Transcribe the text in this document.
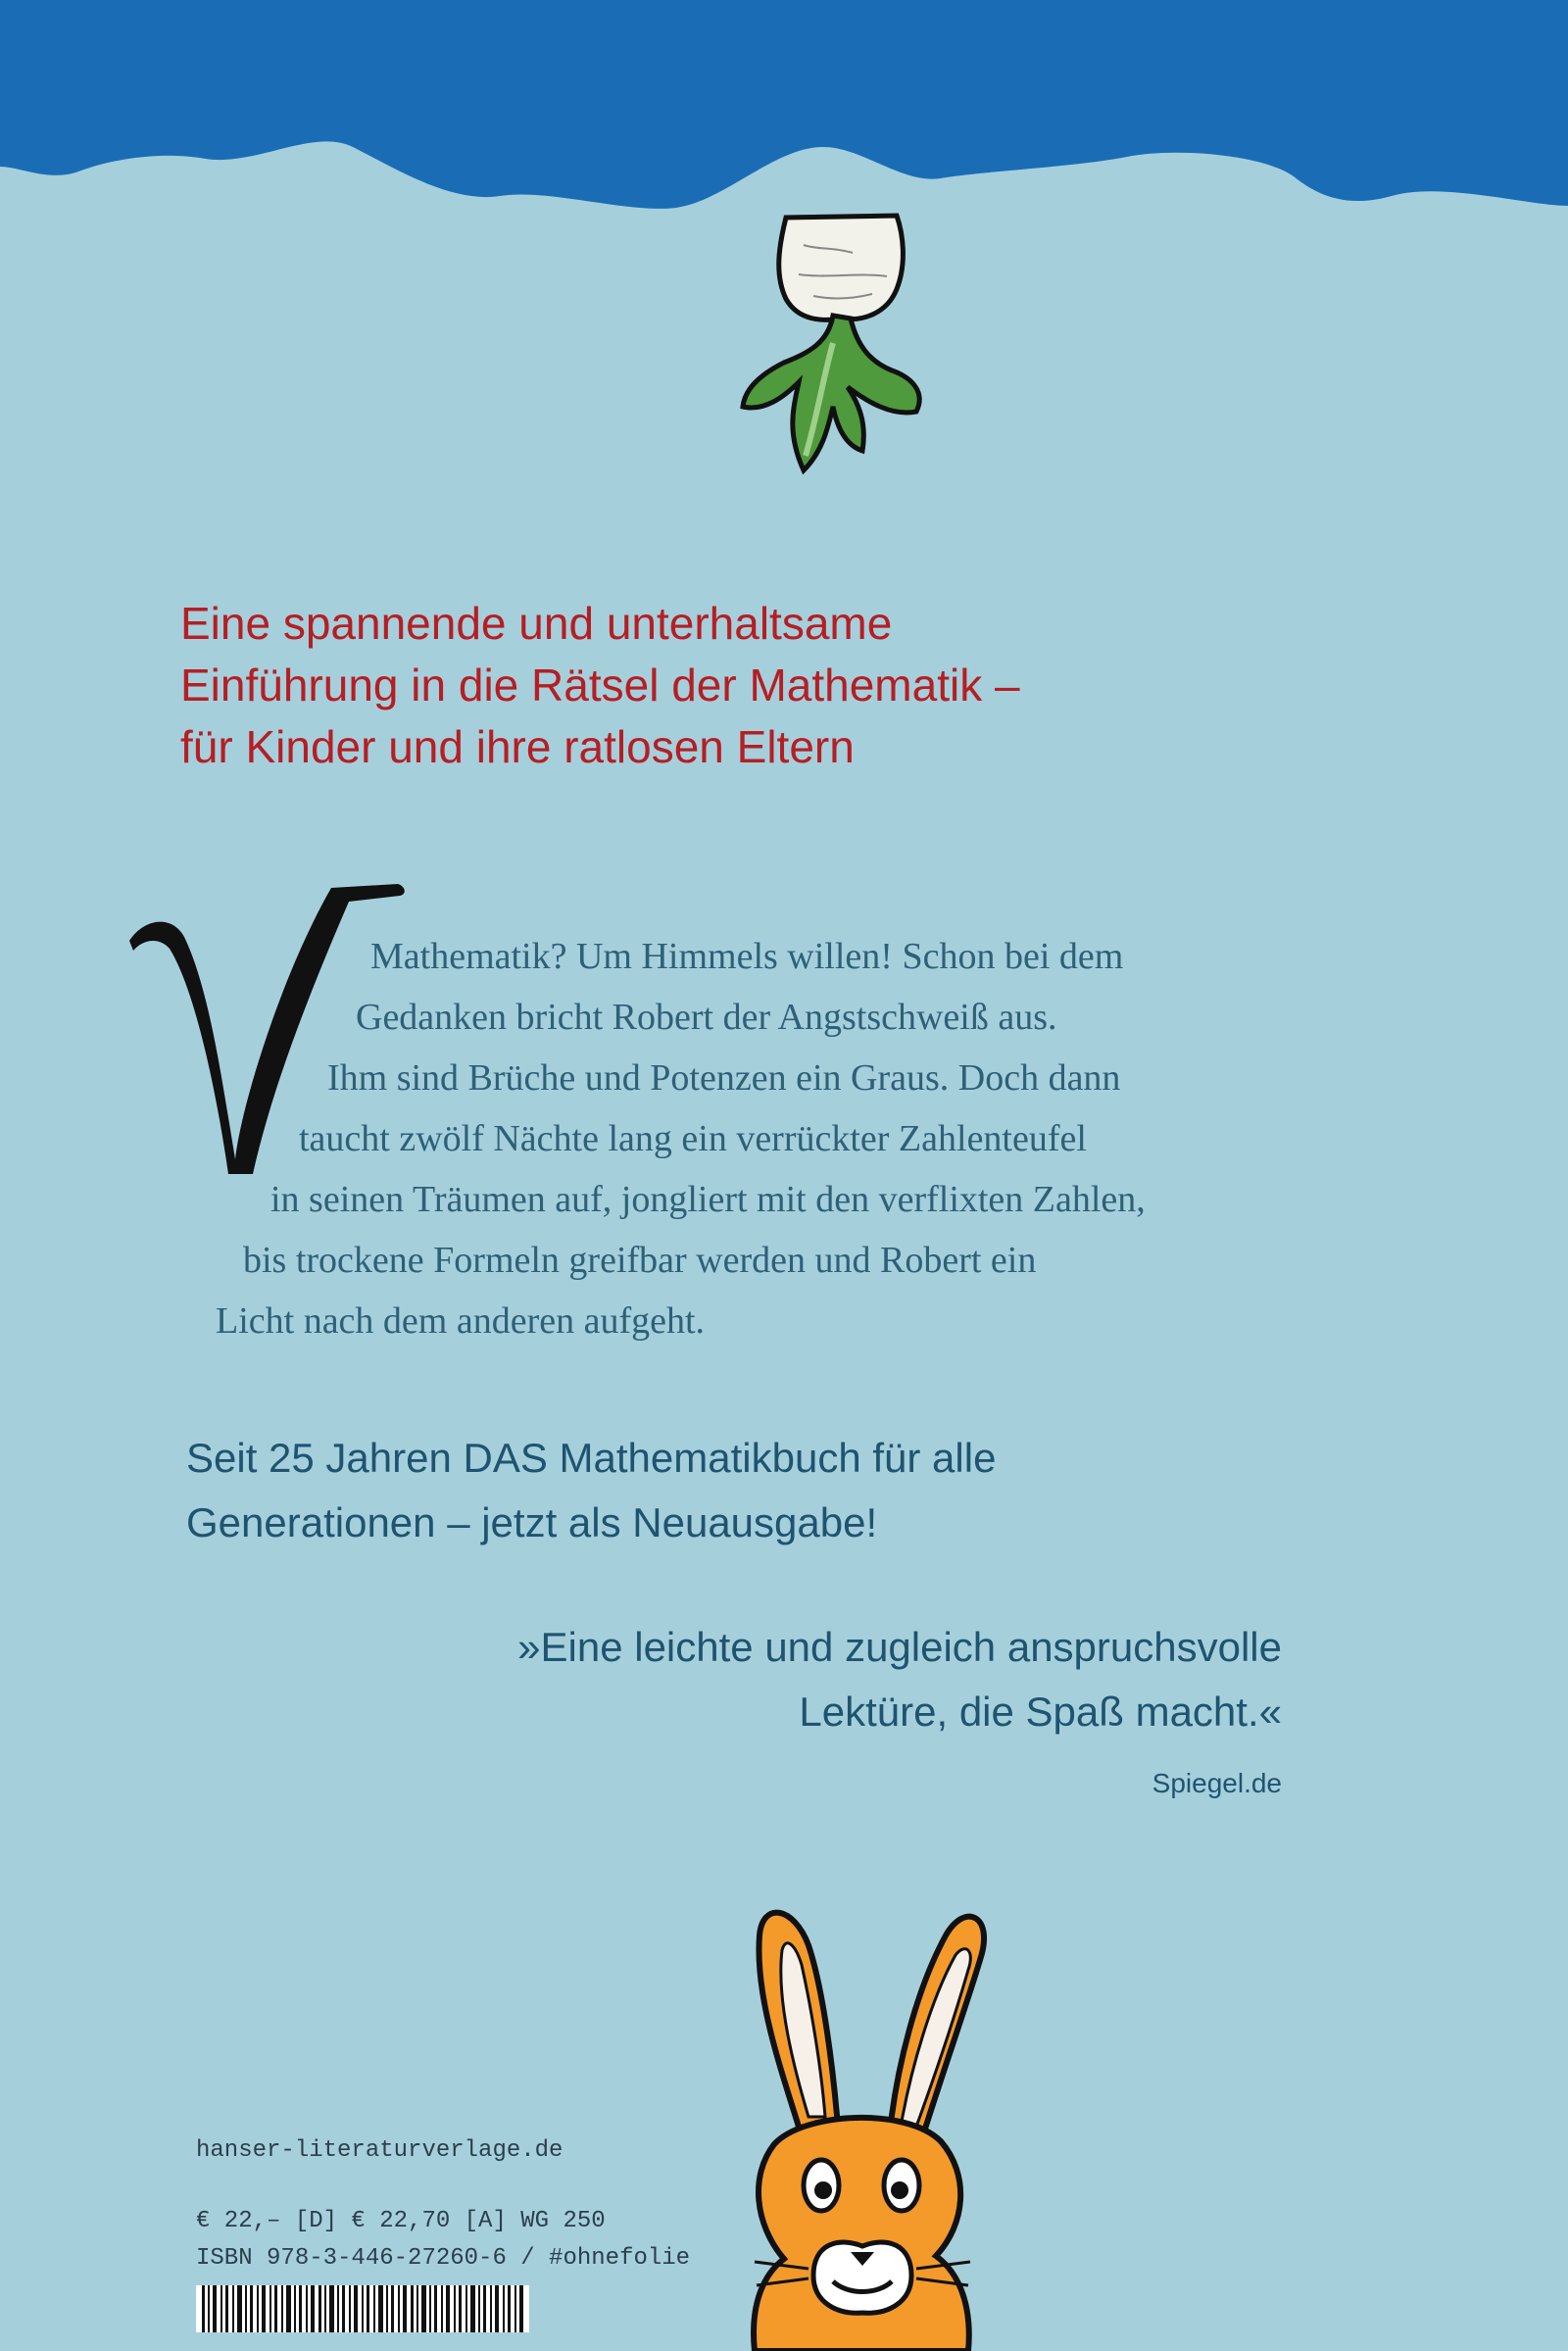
Eine spannende und unterhaltsame
Einführung in die Rätsel der Mathematik –
für Kinder und ihre ratlosen Eltern
Mathematik? Um Himmels willen! Schon bei dem
Gedanken bricht Robert der Angstschweiß aus.
Ihm sind Brüche und Potenzen ein Graus. Doch dann
taucht zwölf Nächte lang ein verrückter Zahlenteufel
in seinen Träumen auf, jongliert mit den verflixten Zahlen,
bis trockene Formeln greifbar werden und Robert ein
Licht nach dem anderen aufgeht.
Seit 25 Jahren DAS Mathematikbuch für alle
Generationen – jetzt als Neuausgabe!
»Eine leichte und zugleich anspruchsvolle
Lektüre, die Spaß macht.«
Spiegel.de
hanser-literaturverlage.de
€ 22,– [D] € 22,70 [A] WG 250
ISBN 978-3-446-27260-6 / #ohnefolie
